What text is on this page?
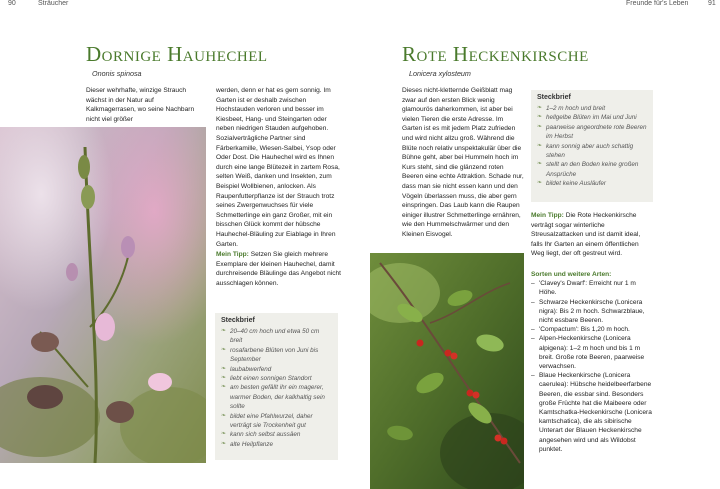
90	Sträucher	Freunde für's Leben	91
Dornige Hauhechel
Ononis spinosa
Dieser wehrhafte, winzige Strauch wächst in der Natur auf Kalkmagerrasen, wo seine Nachbarn nicht viel größer
werden, denn er hat es gern sonnig. Im Garten ist er deshalb zwischen Hochstauden verloren und besser im Kiesbeet, Hang- und Steingarten oder neben niedrigen Stauden aufgehoben. Sozialverträgliche Partner sind Färberkamille, Wiesen-Salbei, Ysop oder Oder Dost. Die Hauhechel wird es Ihnen durch eine lange Blütezeit in zartem Rosa, selten Weiß, danken und Insekten, zum Beispiel Wollbienen, anlocken. Als Raupenfutterpflanze ist der Strauch trotz seines Zwergenwuchses für viele Schmetterlinge ein ganz Großer, mit ein bisschen Glück kommt der hübsche Hauhechel-Bläuling zur Eiablage in Ihren Garten.
Mein Tipp: Setzen Sie gleich mehrere Exemplare der kleinen Hauhechel, damit durchreisende Bläulinge das Angebot nicht ausschlagen können.
Steckbrief
❧ 20–40 cm hoch und etwa 50 cm breit
❧ rosafarbene Blüten von Juni bis September
❧ laubabwerfend
❧ liebt einen sonnigen Standort
❧ am besten gefällt ihr ein magerer, warmer Boden, der kalkhaltig sein sollte
❧ bildet eine Pfahlwurzel, daher verträgt sie Trockenheit gut
❧ kann sich selbst aussäen
❧ alte Heilpflanze
Rote Heckenkirsche
Lonicera xylosteum
Dieses nicht-kletternde Geißblatt mag zwar auf den ersten Blick wenig glamourös daherkommen, ist aber bei vielen Tieren die erste Adresse. Im Garten ist es mit jedem Platz zufrieden und wird nicht allzu groß. Während die Blüte noch relativ unspektakulär über die Bühne geht, aber bei Hummeln hoch im Kurs steht, sind die glänzend roten Beeren eine echte Attraktion. Schade nur, dass man sie nicht essen kann und den Vögeln überlassen muss, die aber gern einspringen. Das Laub kann die Raupen einiger illustrer Schmetterlinge ernähren, wie den Hummelschwärmer und den Kleinen Eisvogel.
Steckbrief
❧ 1–2 m hoch und breit
❧ hellgelbe Blüten im Mai und Juni
❧ paarweise angeordnete rote Beeren im Herbst
❧ kann sonnig aber auch schattig stehen
❧ stellt an den Boden keine großen Ansprüche
❧ bildet keine Ausläufer
Mein Tipp: Die Rote Heckenkirsche verträgt sogar winterliche Streusalzattacken und ist damit ideal, falls Ihr Garten an einem öffentlichen Weg liegt, der oft gestreut wird.
Sorten und weitere Arten:
– 'Clavey's Dwarf': Erreicht nur 1 m Höhe.
– Schwarze Heckenkirsche (Lonicera nigra): Bis 2 m hoch. Schwarzblaue, nicht essbare Beeren.
– 'Compactum': Bis 1,20 m hoch.
– Alpen-Heckenkirsche (Lonicera alpigena): 1–2 m hoch und bis 1 m breit. Große rote Beeren, paarweise verwachsen.
– Blaue Heckenkirsche (Lonicera caerulea): Hübsche heidelbeerfarbene Beeren, die essbar sind. Besonders große Früchte hat die Maibeere oder Kamtschatka-Heckenkirsche (Lonicera kamtschatica), die als sibirische Unterart der Blauen Heckenkirsche angesehen wird und als Wildobst punktet.
